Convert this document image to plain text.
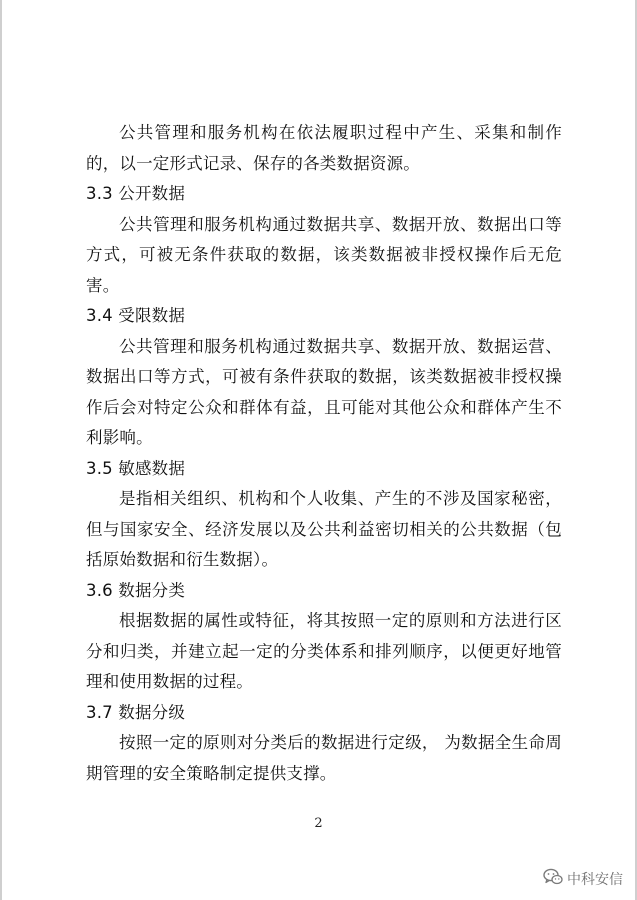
公共管理和服务机构在依法履职过程中产生、采集和制作的，以一定形式记录、保存的各类数据资源。

3.3 公开数据

公共管理和服务机构通过数据共享、数据开放、数据出口等方式，可被无条件获取的数据，该类数据被非授权操作后无危害。

3.4 受限数据

公共管理和服务机构通过数据共享、数据开放、数据运营、数据出口等方式，可被有条件获取的数据，该类数据被非授权操作后会对特定公众和群体有益，且可能对其他公众和群体产生不利影响。

3.5 敏感数据

是指相关组织、机构和个人收集、产生的不涉及国家秘密，但与国家安全、经济发展以及公共利益密切相关的公共数据（包括原始数据和衍生数据）。

3.6 数据分类

根据数据的属性或特征，将其按照一定的原则和方法进行区分和归类，并建立起一定的分类体系和排列顺序，以便更好地管理和使用数据的过程。

3.7 数据分级

按照一定的原则对分类后的数据进行定级， 为数据全生命周期管理的安全策略制定提供支撑。

2
中科安信
